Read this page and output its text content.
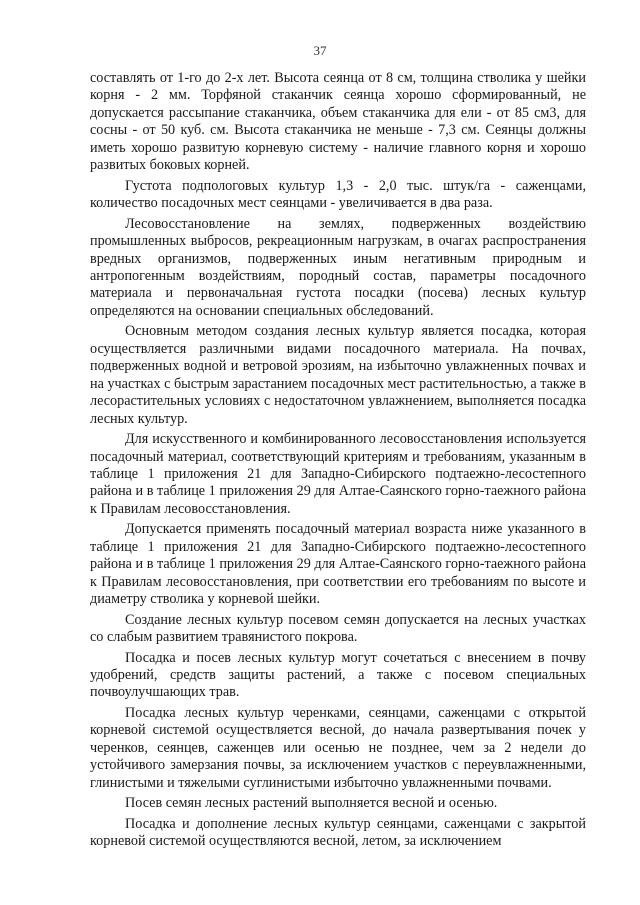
37

составлять от 1-го до 2-х лет. Высота сеянца от 8 см, толщина стволика у шейки корня - 2 мм. Торфяной стаканчик сеянца хорошо сформированный, не допускается рассыпание стаканчика, объем стаканчика для ели - от 85 см3, для сосны - от 50 куб. см. Высота стаканчика не меньше - 7,3 см. Сеянцы должны иметь хорошо развитую корневую систему - наличие главного корня и хорошо развитых боковых корней.

Густота подпологовых культур 1,3 - 2,0 тыс. штук/га - саженцами, количество посадочных мест сеянцами - увеличивается в два раза.

Лесовосстановление на землях, подверженных воздействию промышленных выбросов, рекреационным нагрузкам, в очагах распространения вредных организмов, подверженных иным негативным природным и антропогенным воздействиям, породный состав, параметры посадочного материала и первоначальная густота посадки (посева) лесных культур определяются на основании специальных обследований.

Основным методом создания лесных культур является посадка, которая осуществляется различными видами посадочного материала. На почвах, подверженных водной и ветровой эрозиям, на избыточно увлажненных почвах и на участках с быстрым зарастанием посадочных мест растительностью, а также в лесорастительных условиях с недостаточном увлажнением, выполняется посадка лесных культур.

Для искусственного и комбинированного лесовосстановления используется посадочный материал, соответствующий критериям и требованиям, указанным в таблице 1 приложения 21 для Западно-Сибирского подтаежно-лесостепного района и в таблице 1 приложения 29 для Алтае-Саянского горно-таежного района к Правилам лесовосстановления.

Допускается применять посадочный материал возраста ниже указанного в таблице 1 приложения 21 для Западно-Сибирского подтаежно-лесостепного района и в таблице 1 приложения 29 для Алтае-Саянского горно-таежного района к Правилам лесовосстановления, при соответствии его требованиям по высоте и диаметру стволика у корневой шейки.

Создание лесных культур посевом семян допускается на лесных участках со слабым развитием травянистого покрова.

Посадка и посев лесных культур могут сочетаться с внесением в почву удобрений, средств защиты растений, а также с посевом специальных почвоулучшающих трав.

Посадка лесных культур черенками, сеянцами, саженцами с открытой корневой системой осуществляется весной, до начала развертывания почек у черенков, сеянцев, саженцев или осенью не позднее, чем за 2 недели до устойчивого замерзания почвы, за исключением участков с переувлажненными, глинистыми и тяжелыми суглинистыми избыточно увлажненными почвами.

Посев семян лесных растений выполняется весной и осенью.

Посадка и дополнение лесных культур сеянцами, саженцами с закрытой корневой системой осуществляются весной, летом, за исключением
